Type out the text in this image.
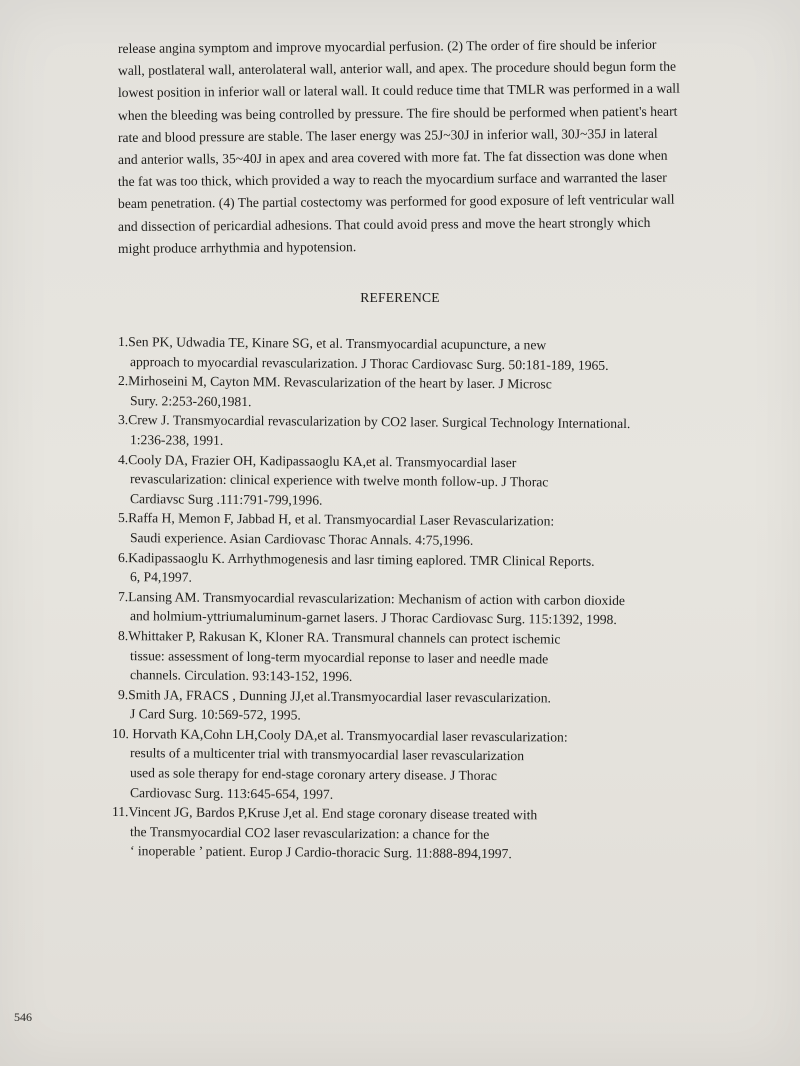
release angina symptom and improve myocardial perfusion. (2) The order of fire should be inferior
wall, postlateral wall, anterolateral wall, anterior wall, and apex. The procedure should begun form the
lowest position in inferior wall or lateral wall. It could reduce time that TMLR was performed in a wall
when the bleeding was being controlled by pressure. The fire should be performed when patient's heart
rate and blood pressure are stable. The laser energy was 25J~30J in inferior wall, 30J~35J in lateral
and anterior walls, 35~40J in apex and area covered with more fat. The fat dissection was done when
the fat was too thick, which provided a way to reach the myocardium surface and warranted the laser
beam penetration. (4) The partial costectomy was performed for good exposure of left ventricular wall
and dissection of pericardial adhesions. That could avoid press and move the heart strongly which
might produce arrhythmia and hypotension.
REFERENCE
1.Sen PK, Udwadia TE, Kinare SG, et al. Transmyocardial acupuncture, a new
approach to myocardial revascularization. J Thorac Cardiovasc Surg. 50:181-189, 1965.
2.Mirhoseini M, Cayton MM. Revascularization of the heart by laser. J Microsc
Sury. 2:253-260,1981.
3.Crew J. Transmyocardial revascularization by CO2 laser. Surgical Technology International.
1:236-238, 1991.
4.Cooly DA, Frazier OH, Kadipassaoglu KA,et al. Transmyocardial laser
revascularization: clinical experience with twelve month follow-up. J Thorac
Cardiavsc Surg .111:791-799,1996.
5.Raffa H, Memon F, Jabbad H, et al. Transmyocardial Laser Revascularization:
Saudi experience. Asian Cardiovasc Thorac Annals. 4:75,1996.
6.Kadipassaoglu K. Arrhythmogenesis and lasr timing eaplored. TMR Clinical Reports.
6, P4,1997.
7.Lansing AM. Transmyocardial revascularization: Mechanism of action with carbon dioxide
and holmium-yttriumaluminum-garnet lasers. J Thorac Cardiovasc Surg. 115:1392, 1998.
8.Whittaker P, Rakusan K, Kloner RA. Transmural channels can protect ischemic
tissue: assessment of long-term myocardial reponse to laser and needle made
channels. Circulation. 93:143-152, 1996.
9.Smith JA, FRACS , Dunning JJ,et al.Transmyocardial laser revascularization.
J Card Surg. 10:569-572, 1995.
10. Horvath KA,Cohn LH,Cooly DA,et al. Transmyocardial laser revascularization:
results of a multicenter trial with transmyocardial laser revascularization
used as sole therapy for end-stage coronary artery disease. J Thorac
Cardiovasc Surg. 113:645-654, 1997.
11.Vincent JG, Bardos P,Kruse J,et al. End stage coronary disease treated with
the Transmyocardial CO2 laser revascularization: a chance for the
‘ inoperable ’ patient. Europ J Cardio-thoracic Surg. 11:888-894,1997.
546
